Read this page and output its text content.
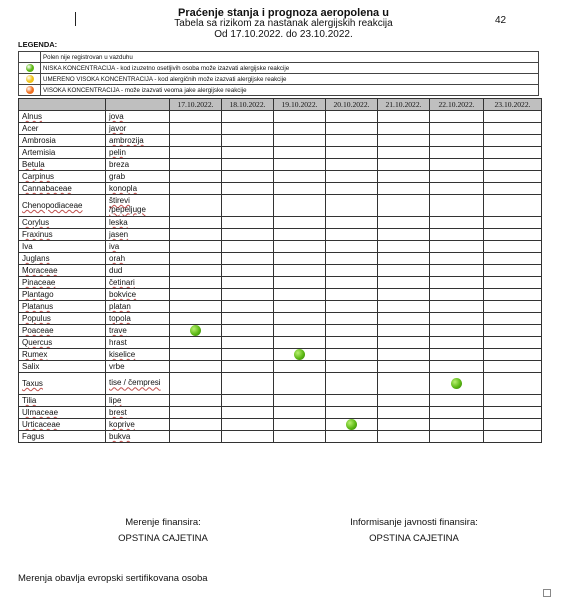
Praćenje stanja i prognoza aeropolena u
Tabela sa rizikom za nastanak alergijskih reakcija
Od 17.10.2022. do 23.10.2022.
42
LEGENDA:
	Polen nije registrovan u vazduhu
	NISKA KONCENTRACIJA - kod izuzetno osetljivih osoba može izazvati alergijske reakcije
	UMERENO VISOKA KONCENTRACIJA - kod alergičnih može izazvati alergijske reakcije
	VISOKA KONCENTRACIJA - može izazvati veoma jake alergijske reakcije
		17.10.2022.	18.10.2022.	19.10.2022.	20.10.2022.	21.10.2022.	22.10.2022.	23.10.2022.
Alnus	jova							
Acer	javor							
Ambrosia	ambrozija							
Artemisia	pelin							
Betula	breza							
Carpinus	grab							
Cannabaceae	konopla							
Chenopodiaceae	štirevi /pepeljuge							
Corylus	leska							
Fraxinus	jasen							
Iva	iva							
Juglans	orah							
Moraceae	dud							
Pinaceae	četinari							
Plantago	bokvice							
Platanus	platan							
Populus	topola							
Poaceae	trave							
Quercus	hrast							
Rumex	kiselice							
Salix	vrbe							
Taxus	tise / čempresi							
Tilia	lipe							
Ulmaceae	brest							
Urticaceae	koprive							
Fagus	bukva							
Merenje finansira:
OPSTINA CAJETINA
Informisanje javnosti finansira:
OPSTINA CAJETINA
Merenja obavlja evropski sertifikovana osoba
